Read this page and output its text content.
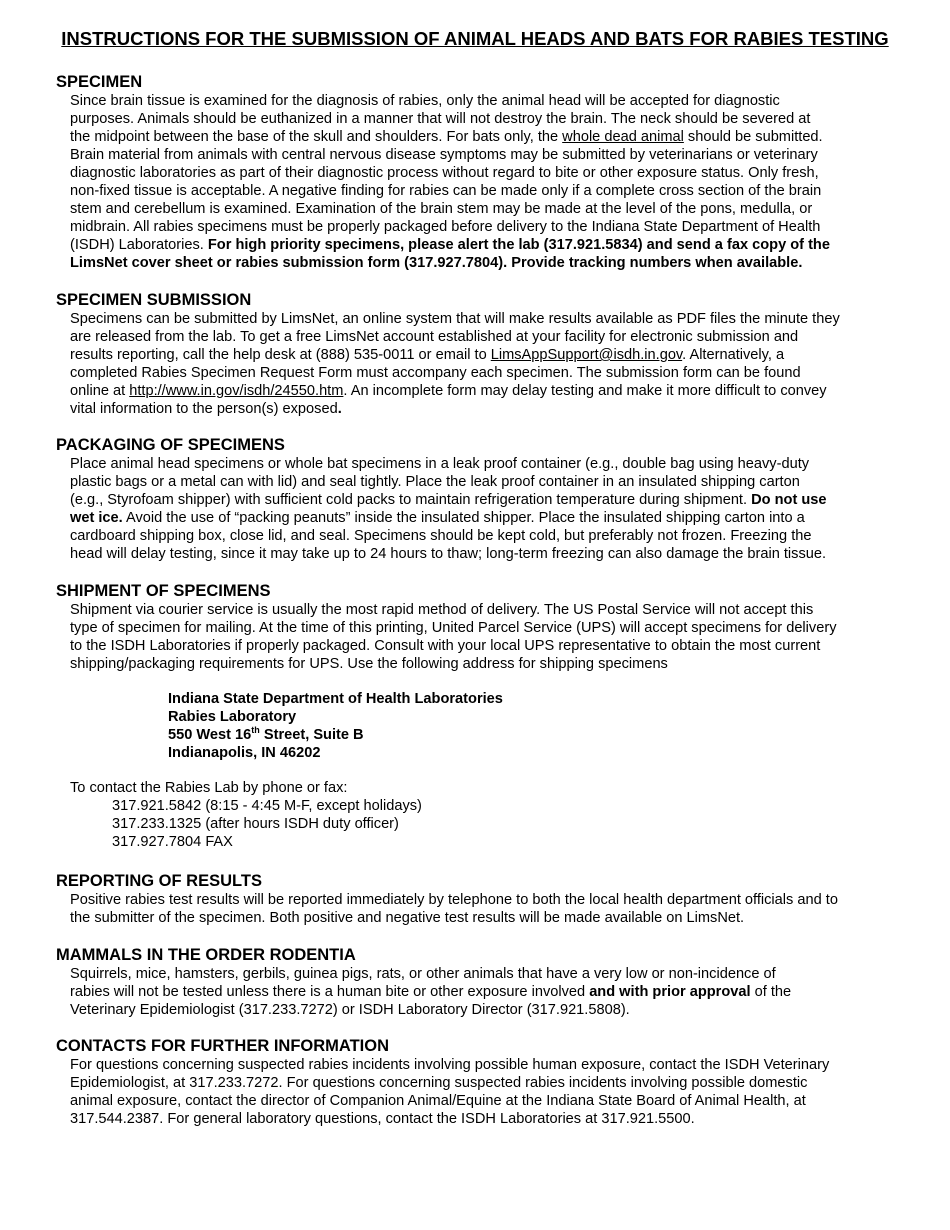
INSTRUCTIONS FOR THE SUBMISSION OF ANIMAL HEADS AND BATS FOR RABIES TESTING
SPECIMEN
Since brain tissue is examined for the diagnosis of rabies, only the animal head will be accepted for diagnostic
purposes. Animals should be euthanized in a manner that will not destroy the brain. The neck should be severed at
the midpoint between the base of the skull and shoulders. For bats only, the whole dead animal should be submitted.
Brain material from animals with central nervous disease symptoms may be submitted by veterinarians or veterinary
diagnostic laboratories as part of their diagnostic process without regard to bite or other exposure status. Only fresh,
non-fixed tissue is acceptable. A negative finding for rabies can be made only if a complete cross section of the brain
stem and cerebellum is examined. Examination of the brain stem may be made at the level of the pons, medulla, or
midbrain. All rabies specimens must be properly packaged before delivery to the Indiana State Department of Health
(ISDH) Laboratories. For high priority specimens, please alert the lab (317.921.5834) and send a fax copy of the
LimsNet cover sheet or rabies submission form (317.927.7804). Provide tracking numbers when available.
SPECIMEN SUBMISSION
Specimens can be submitted by LimsNet, an online system that will make results available as PDF files the minute they
are released from the lab. To get a free LimsNet account established at your facility for electronic submission and
results reporting, call the help desk at (888) 535-0011 or email to LimsAppSupport@isdh.in.gov. Alternatively, a
completed Rabies Specimen Request Form must accompany each specimen. The submission form can be found
online at http://www.in.gov/isdh/24550.htm. An incomplete form may delay testing and make it more difficult to convey
vital information to the person(s) exposed.
PACKAGING OF SPECIMENS
Place animal head specimens or whole bat specimens in a leak proof container (e.g., double bag using heavy-duty
plastic bags or a metal can with lid) and seal tightly. Place the leak proof container in an insulated shipping carton
(e.g., Styrofoam shipper) with sufficient cold packs to maintain refrigeration temperature during shipment. Do not use
wet ice. Avoid the use of “packing peanuts” inside the insulated shipper. Place the insulated shipping carton into a
cardboard shipping box, close lid, and seal. Specimens should be kept cold, but preferably not frozen. Freezing the
head will delay testing, since it may take up to 24 hours to thaw; long-term freezing can also damage the brain tissue.
SHIPMENT OF SPECIMENS
Shipment via courier service is usually the most rapid method of delivery. The US Postal Service will not accept this
type of specimen for mailing. At the time of this printing, United Parcel Service (UPS) will accept specimens for delivery
to the ISDH Laboratories if properly packaged. Consult with your local UPS representative to obtain the most current
shipping/packaging requirements for UPS. Use the following address for shipping specimens
Indiana State Department of Health Laboratories
Rabies Laboratory
550 West 16th Street, Suite B
Indianapolis, IN 46202
To contact the Rabies Lab by phone or fax:
317.921.5842 (8:15 - 4:45 M-F, except holidays)
317.233.1325 (after hours ISDH duty officer)
317.927.7804 FAX
REPORTING OF RESULTS
Positive rabies test results will be reported immediately by telephone to both the local health department officials and to
the submitter of the specimen. Both positive and negative test results will be made available on LimsNet.
MAMMALS IN THE ORDER RODENTIA
Squirrels, mice, hamsters, gerbils, guinea pigs, rats, or other animals that have a very low or non-incidence of
rabies will not be tested unless there is a human bite or other exposure involved and with prior approval of the
Veterinary Epidemiologist (317.233.7272) or ISDH Laboratory Director (317.921.5808).
CONTACTS FOR FURTHER INFORMATION
For questions concerning suspected rabies incidents involving possible human exposure, contact the ISDH Veterinary
Epidemiologist, at 317.233.7272. For questions concerning suspected rabies incidents involving possible domestic
animal exposure, contact the director of Companion Animal/Equine at the Indiana State Board of Animal Health, at
317.544.2387. For general laboratory questions, contact the ISDH Laboratories at 317.921.5500.
